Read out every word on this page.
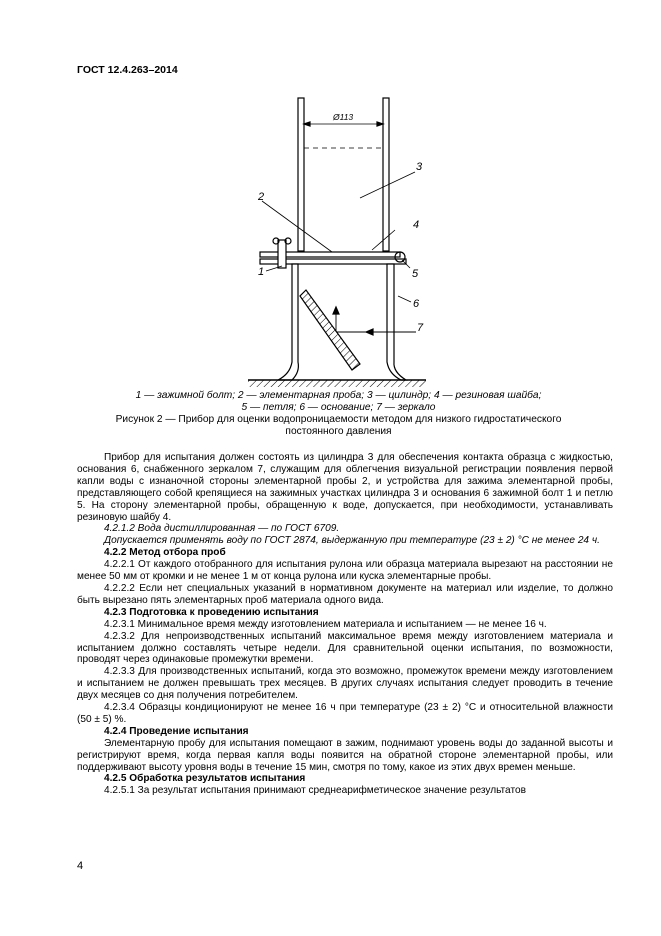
ГОСТ 12.4.263–2014
Ø113
1
2
3
4
5
6
7
1 — зажимной болт; 2 — элементарная проба; 3 — цилиндр; 4 — резиновая шайба;
5 — петля; 6 — основание; 7 — зеркало
Рисунок 2 — Прибор для оценки водопроницаемости методом для низкого гидростатического
постоянного давления

Прибор для испытания должен состоять из цилиндра 3 для обеспечения контакта образца с жидкостью, основания 6, снабженного зеркалом 7, служащим для облегчения визуальной регистрации появления первой капли воды с изнаночной стороны элементарной пробы 2, и устройства для зажима элементарной пробы, представляющего собой крепящиеся на зажимных участках цилиндра 3 и основания 6 зажимной болт 1 и петлю 5. На сторону элементарной пробы, обращенную к воде, допускается, при необходимости, устанавливать резиновую шайбу 4.

4.2.1.2 Вода дистиллированная — по ГОСТ 6709.

Допускается применять воду по ГОСТ 2874, выдержанную при температуре (23 ± 2) °С не менее 24 ч.

4.2.2 Метод отбора проб

4.2.2.1 От каждого отобранного для испытания рулона или образца материала вырезают на расстоянии не менее 50 мм от кромки и не менее 1 м от конца рулона или куска элементарные пробы.

4.2.2.2 Если нет специальных указаний в нормативном документе на материал или изделие, то должно быть вырезано пять элементарных проб материала одного вида.

4.2.3 Подготовка к проведению испытания

4.2.3.1 Минимальное время между изготовлением материала и испытанием — не менее 16 ч.

4.2.3.2 Для непроизводственных испытаний максимальное время между изготовлением материала и испытанием должно составлять четыре недели. Для сравнительной оценки испытания, по возможности, проводят через одинаковые промежутки времени.

4.2.3.3 Для производственных испытаний, когда это возможно, промежуток времени между изготовлением и испытанием не должен превышать трех месяцев. В других случаях испытания следует проводить в течение двух месяцев со дня получения потребителем.

4.2.3.4 Образцы кондиционируют не менее 16 ч при температуре (23 ± 2) °С и относительной влажности (50 ± 5) %.

4.2.4 Проведение испытания

Элементарную пробу для испытания помещают в зажим, поднимают уровень воды до заданной высоты и регистрируют время, когда первая капля воды появится на обратной стороне элементарной пробы, или поддерживают высоту уровня воды в течение 15 мин, смотря по тому, какое из этих двух времен меньше.

4.2.5 Обработка результатов испытания

4.2.5.1 За результат испытания принимают среднеарифметическое значение результатов

4
